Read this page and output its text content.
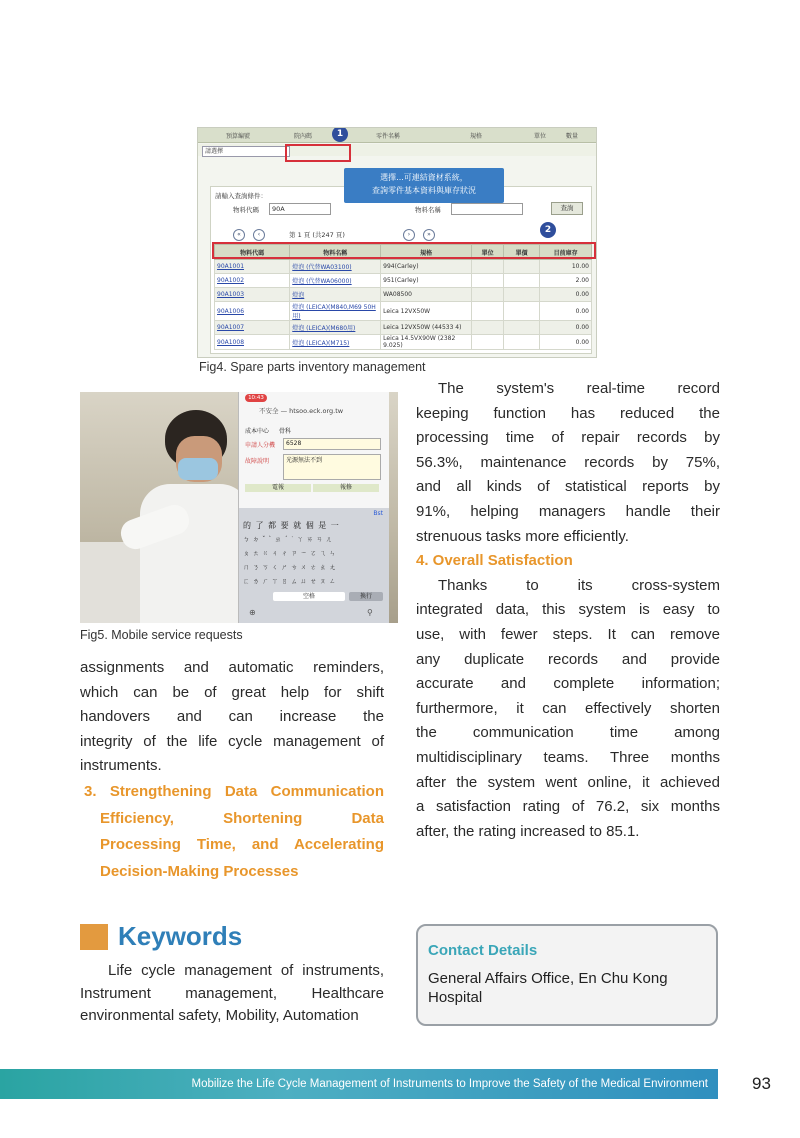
預算編號	院內碼	零件名稱	規格	單位	數量
請選擇
1
請輸入查詢條件：
物料代碼	90A	物料名稱	查詢
«	‹	第 1 頁 (共247 頁)	›	»
選擇...可連結資材系統，
查詢零件基本資料與庫存狀況
2
物料代碼	物料名稱	規格	單位	單價	目前庫存
90A1001	燈泡 (代替WA03100)	994(Carley)			10.00
90A1002	燈泡 (代替WA06000)	951(Carley)			2.00
90A1003	燈泡	WA08500			0.00
90A1006	燈泡 (LEICA)(M840,M69 50H用)	Leica 12VX50W			0.00
90A1007	燈泡 (LEICA)(M680用)	Leica 12VX50W (44533 4)			0.00
90A1008	燈泡 (LEICA)(M715)	Leica 14.5VX90W (2382 9.025)			0.00
Fig4. Spare parts inventory management
10:43
不安全 — htsoo.eck.org.tw
成本中心 骨科
申請人分機	6528
故障說明	光源無法不到
電報	報修
Bst
的 了 都 要 就 個 是 一
ㄅ ㄉ ˇ ˋ ㄓ ˊ ˙ ㄚ ㄞ ㄢ ㄦ
ㄆ ㄊ ㄍ ㄐ ㄔ ㄗ ㄧ ㄛ ㄟ ㄣ
ㄇ ㄋ ㄎ ㄑ ㄕ ㄘ ㄨ ㄜ ㄠ ㄤ
ㄈ ㄌ ㄏ ㄒ ㄖ ㄙ ㄩ ㄝ ㄡ ㄥ
空格	換行
⊕	⚲
Fig5. Mobile service requests

assignments and automatic reminders,

which can be of great help for shift

handovers and can increase the

integrity of the life cycle management of

instruments.

3. Strengthening Data Communication

Efficiency, Shortening Data

Processing Time, and Accelerating

Decision-Making Processes

The system's real-time record

keeping function has reduced the

processing time of repair records by

56.3%, maintenance records by 75%,

and all kinds of statistical reports by

91%, helping managers handle their

strenuous tasks more efficiently.

4. Overall Satisfaction

Thanks to its cross-system

integrated data, this system is easy to

use, with fewer steps. It can remove

any duplicate records and provide

accurate and complete information;

furthermore, it can effectively shorten

the communication time among

multidisciplinary teams. Three months

after the system went online, it achieved

a satisfaction rating of 76.2, six months

after, the rating increased to 85.1.

Keywords

Life cycle management of instruments,

Instrument management, Healthcare

environmental safety, Mobility, Automation

Contact Details
General Affairs Office, En Chu Kong
Hospital
Mobilize the Life Cycle Management of Instruments to Improve the Safety of the Medical Environment	93
